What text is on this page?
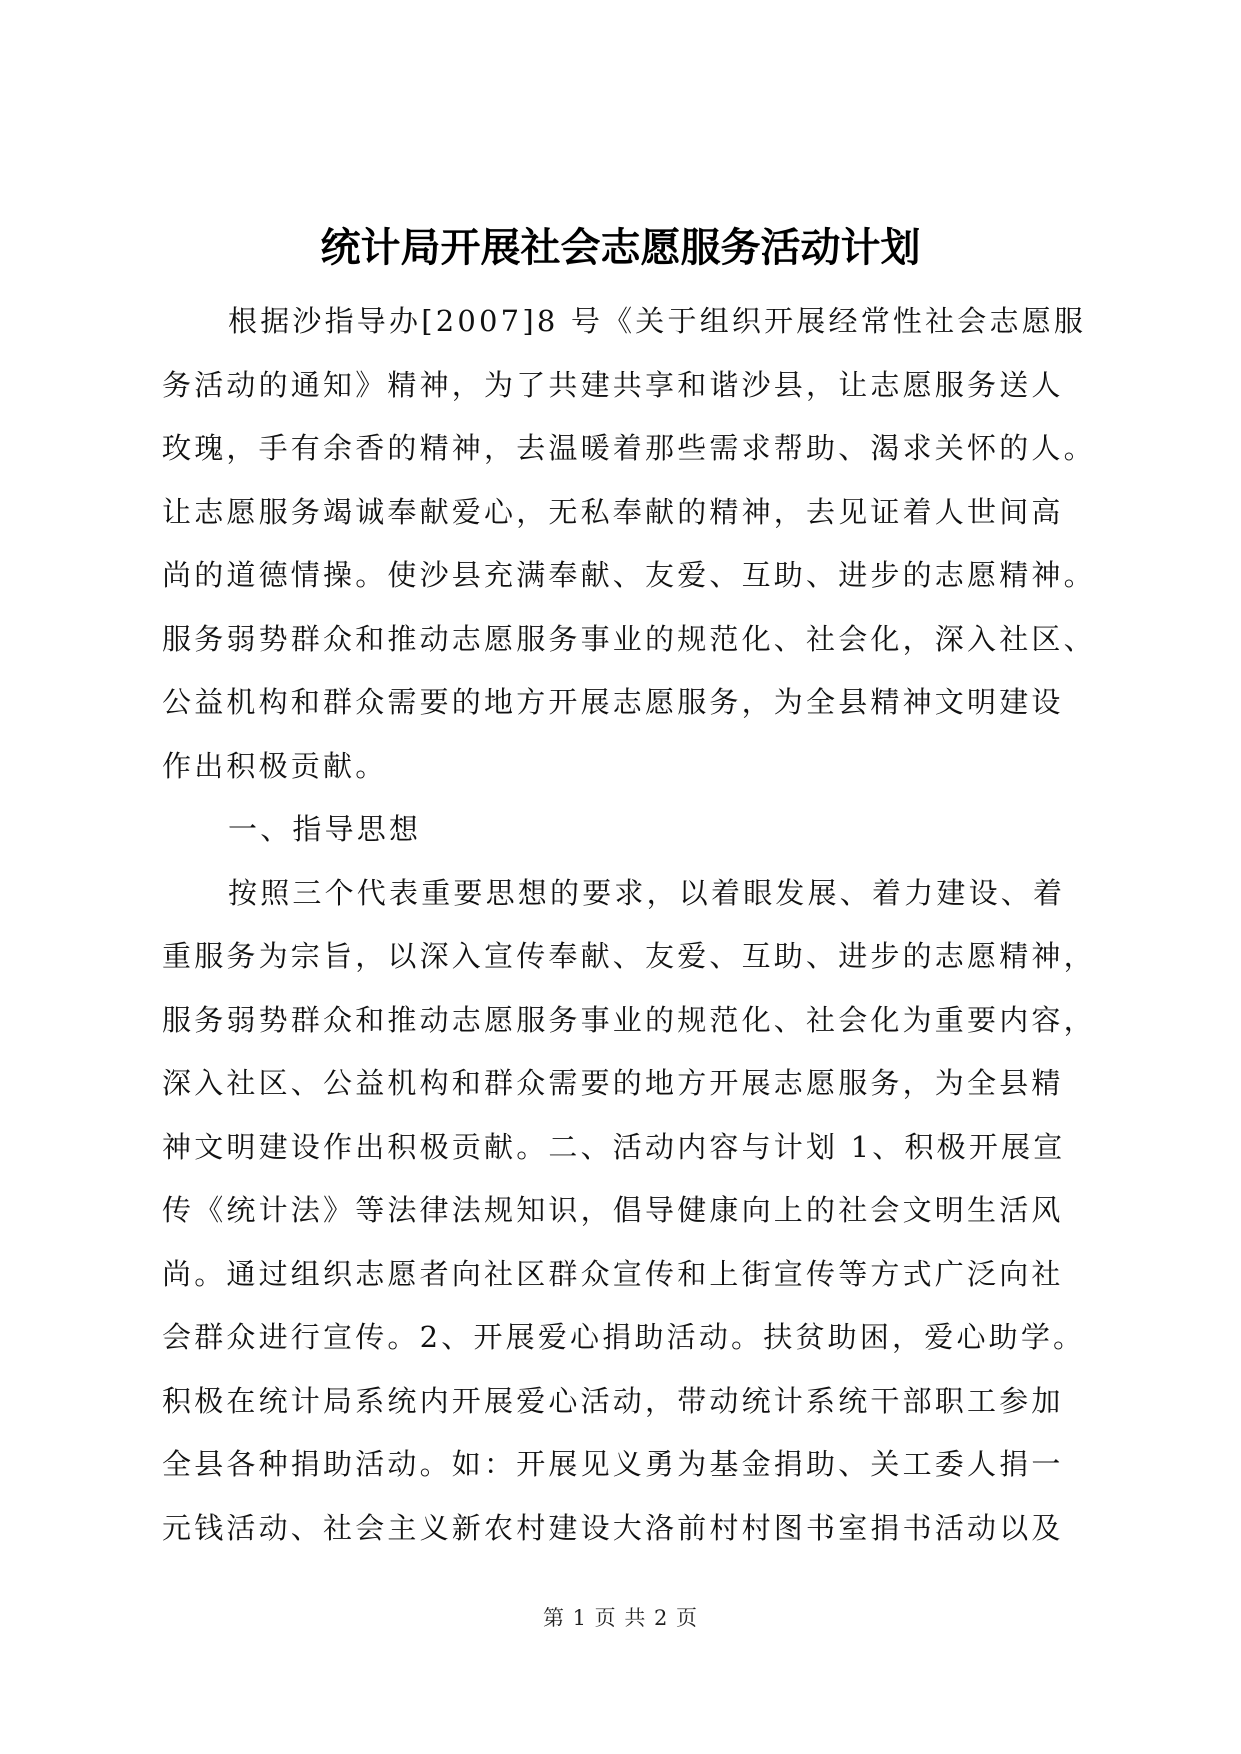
统计局开展社会志愿服务活动计划
根据沙指导办[2007]8 号《关于组织开展经常性社会志愿服
务活动的通知》精神，为了共建共享和谐沙县，让志愿服务送人
玫瑰，手有余香的精神，去温暖着那些需求帮助、渴求关怀的人。
让志愿服务竭诚奉献爱心，无私奉献的精神，去见证着人世间高
尚的道德情操。使沙县充满奉献、友爱、互助、进步的志愿精神。
服务弱势群众和推动志愿服务事业的规范化、社会化，深入社区、
公益机构和群众需要的地方开展志愿服务，为全县精神文明建设
作出积极贡献。
一、指导思想
按照三个代表重要思想的要求，以着眼发展、着力建设、着
重服务为宗旨，以深入宣传奉献、友爱、互助、进步的志愿精神，
服务弱势群众和推动志愿服务事业的规范化、社会化为重要内容，
深入社区、公益机构和群众需要的地方开展志愿服务，为全县精
神文明建设作出积极贡献。二、活动内容与计划 1、积极开展宣
传《统计法》等法律法规知识，倡导健康向上的社会文明生活风
尚。通过组织志愿者向社区群众宣传和上街宣传等方式广泛向社
会群众进行宣传。2、开展爱心捐助活动。扶贫助困，爱心助学。
积极在统计局系统内开展爱心活动，带动统计系统干部职工参加
全县各种捐助活动。如：开展见义勇为基金捐助、关工委人捐一
元钱活动、社会主义新农村建设大洛前村村图书室捐书活动以及
第 1 页 共 2 页
